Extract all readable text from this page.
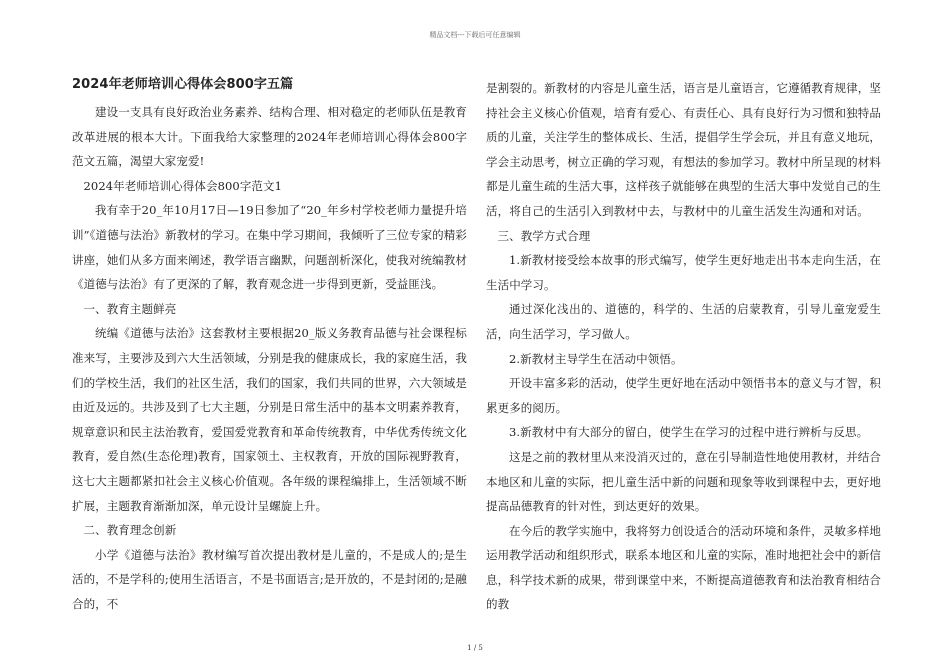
精品文档---下载后可任意编辑
2024年老师培训心得体会800字五篇

建设一支具有良好政治业务素养、结构合理、相对稳定的老师队伍是教育改革进展的根本大计。下面我给大家整理的2024年老师培训心得体会800字范文五篇，渴望大家宠爱!

2024年老师培训心得体会800字范文1

我有幸于20_年10月17日—19日参加了“20_年乡村学校老师力量提升培训”《道德与法治》新教材的学习。在集中学习期间，我倾听了三位专家的精彩讲座，她们从多方面来阐述，教学语言幽默，问题剖析深化，使我对统编教材《道德与法治》有了更深的了解，教育观念进一步得到更新，受益匪浅。

一、教育主题鲜亮

统编《道德与法治》这套教材主要根据20_版义务教育品德与社会课程标准来写，主要涉及到六大生活领域，分别是我的健康成长，我的家庭生活，我们的学校生活，我们的社区生活，我们的国家，我们共同的世界，六大领域是由近及远的。共涉及到了七大主题，分别是日常生活中的基本文明素养教育，规章意识和民主法治教育，爱国爱党教育和革命传统教育，中华优秀传统文化教育，爱自然(生态伦理)教育，国家领土、主权教育，开放的国际视野教育，这七大主题都紧扣社会主义核心价值观。各年级的课程编排上，生活领域不断扩展，主题教育渐渐加深，单元设计呈螺旋上升。

二、教育理念创新

小学《道德与法治》教材编写首次提出教材是儿童的，不是成人的;是生活的，不是学科的;使用生活语言，不是书面语言;是开放的，不是封闭的;是融合的，不

是割裂的。新教材的内容是儿童生活，语言是儿童语言，它遵循教育规律，坚持社会主义核心价值观，培育有爱心、有责任心、具有良好行为习惯和独特品质的儿童，关注学生的整体成长、生活，提倡学生学会玩，并且有意义地玩，学会主动思考，树立正确的学习观，有想法的参加学习。教材中所呈现的材料都是儿童生疏的生活大事，这样孩子就能够在典型的生活大事中发觉自己的生活，将自己的生活引入到教材中去，与教材中的儿童生活发生沟通和对话。

三、教学方式合理

1.新教材接受绘本故事的形式编写，使学生更好地走出书本走向生活，在生活中学习。

通过深化浅出的、道德的，科学的、生活的启蒙教育，引导儿童宠爱生活，向生活学习，学习做人。

2.新教材主导学生在活动中领悟。

开设丰富多彩的活动，使学生更好地在活动中领悟书本的意义与才智，积累更多的阅历。

3.新教材中有大部分的留白，使学生在学习的过程中进行辨析与反思。

这是之前的教材里从来没消灭过的，意在引导制造性地使用教材，并结合本地区和儿童的实际，把儿童生活中新的问题和现象等收到课程中去，更好地提高品德教育的针对性，到达更好的效果。

在今后的教学实施中，我将努力创设适合的活动环境和条件，灵敏多样地运用教学活动和组织形式，联系本地区和儿童的实际，准时地把社会中的新信息，科学技术新的成果，带到课堂中来，不断提高道德教育和法治教育相结合的教

1 / 5
